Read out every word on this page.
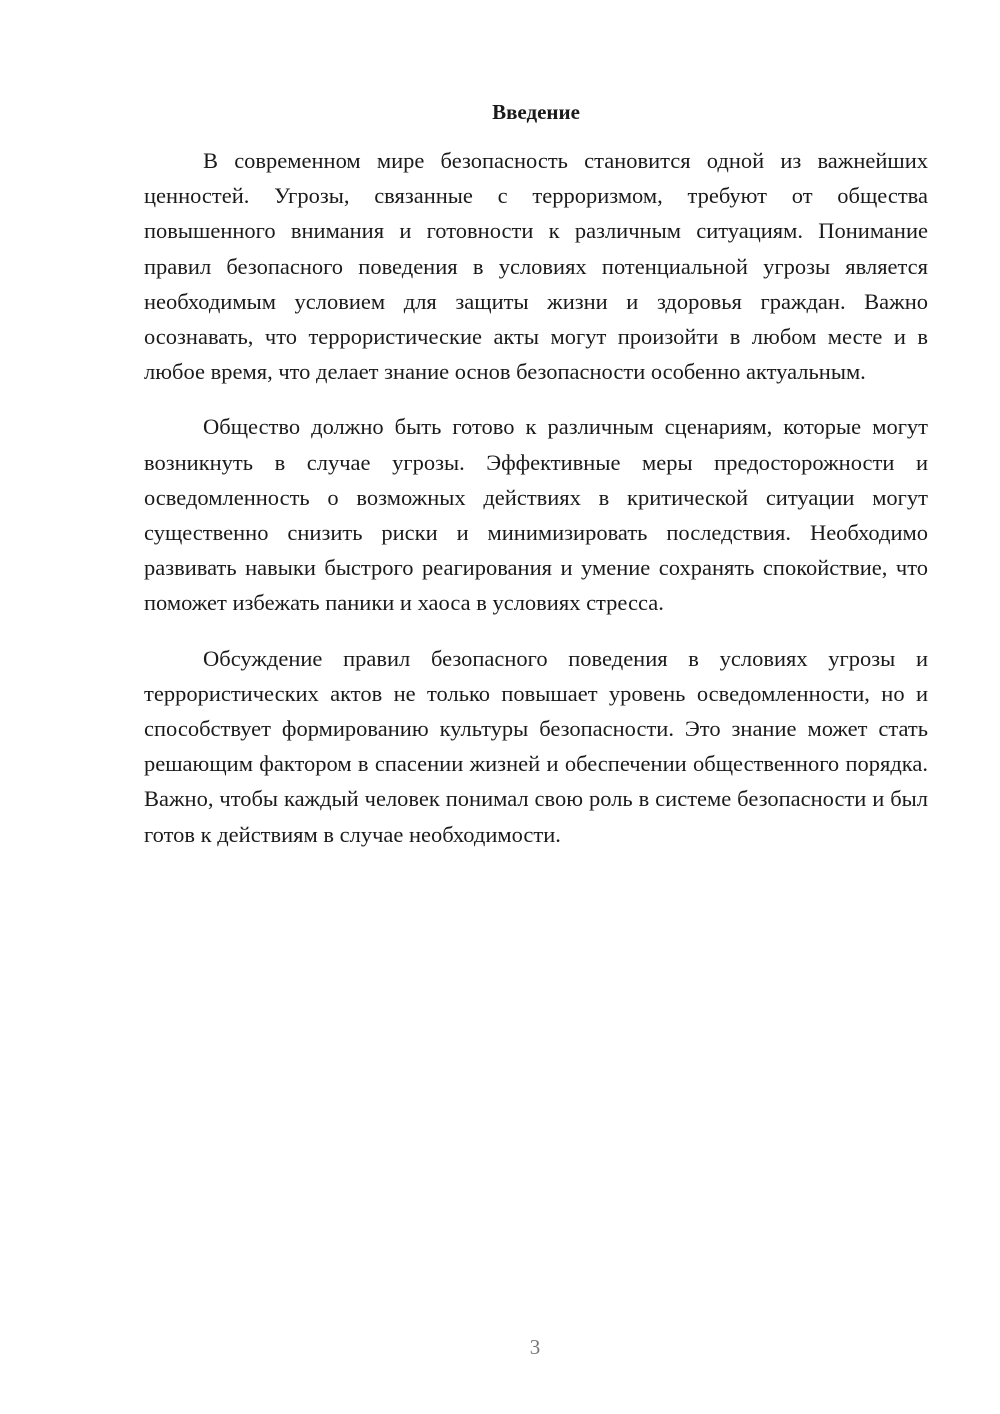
Введение

В современном мире безопасность становится одной из важнейших ценностей. Угрозы, связанные с терроризмом, требуют от общества повышенного внимания и готовности к различным ситуациям. Понимание правил безопасного поведения в условиях потенциальной угрозы является необходимым условием для защиты жизни и здоровья граждан. Важно осознавать, что террористические акты могут произойти в любом месте и в любое время, что делает знание основ безопасности особенно актуальным.

Общество должно быть готово к различным сценариям, которые могут возникнуть в случае угрозы. Эффективные меры предосторожности и осведомленность о возможных действиях в критической ситуации могут существенно снизить риски и минимизировать последствия. Необходимо развивать навыки быстрого реагирования и умение сохранять спокойствие, что поможет избежать паники и хаоса в условиях стресса.

Обсуждение правил безопасного поведения в условиях угрозы и террористических актов не только повышает уровень осведомленности, но и способствует формированию культуры безопасности. Это знание может стать решающим фактором в спасении жизней и обеспечении общественного порядка. Важно, чтобы каждый человек понимал свою роль в системе безопасности и был готов к действиям в случае необходимости.

3
